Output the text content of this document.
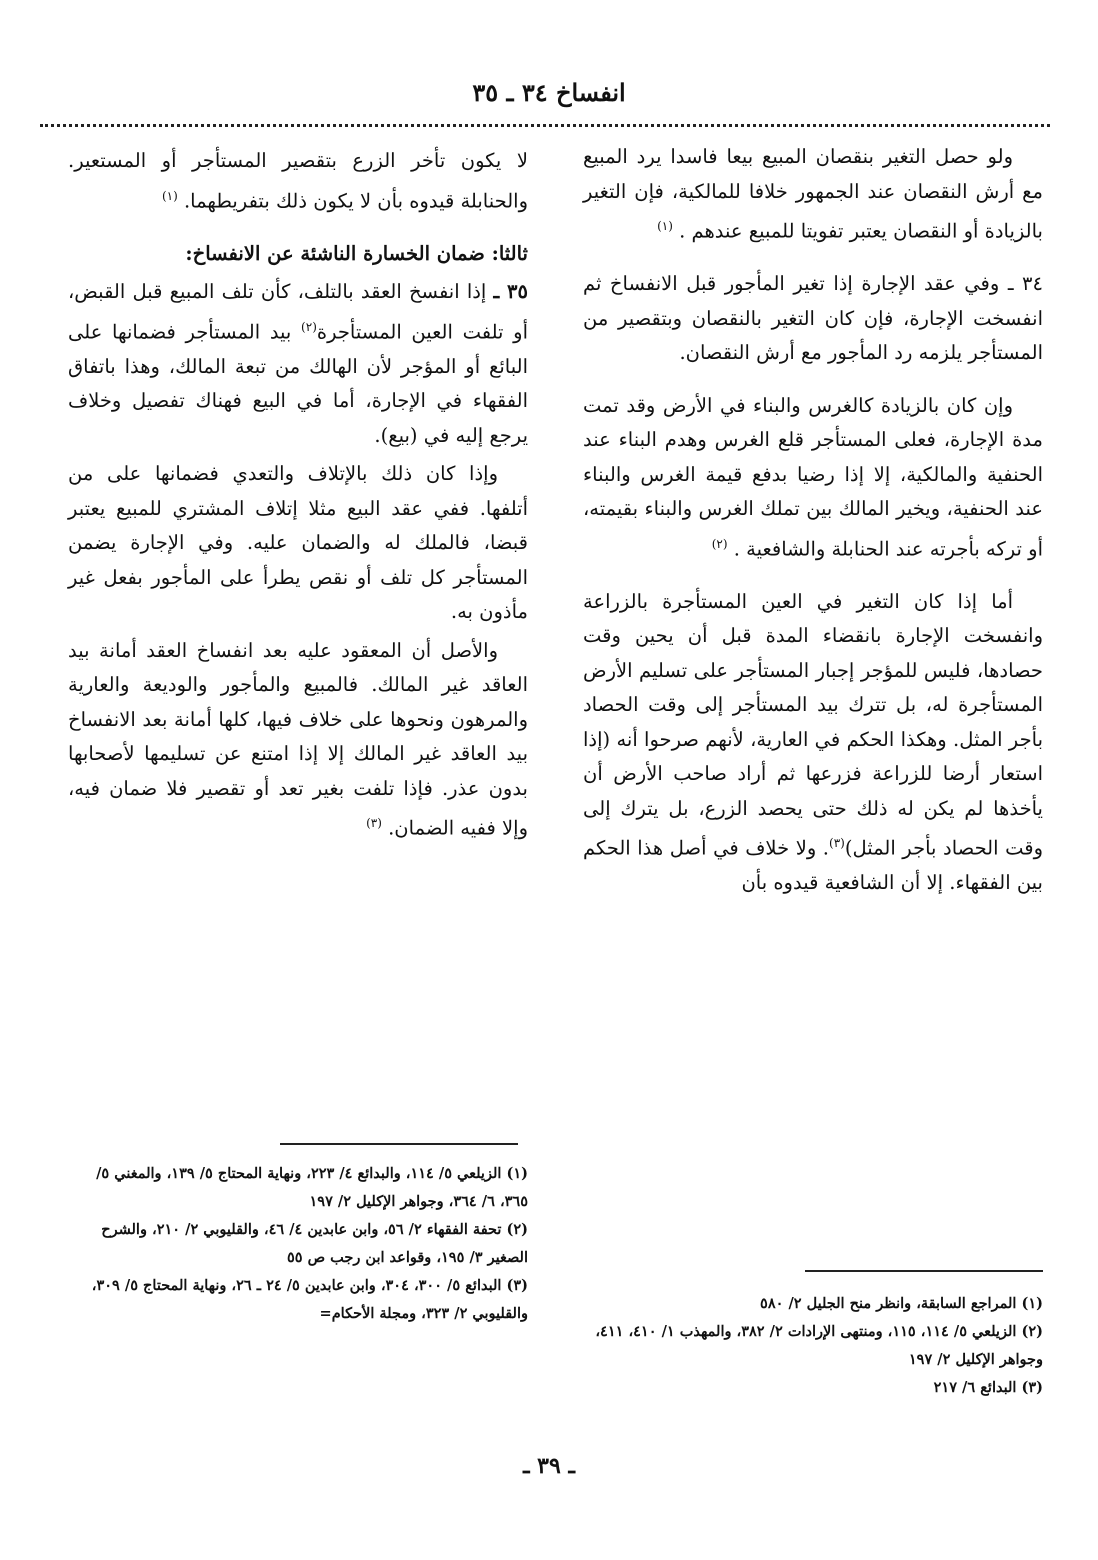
انفساخ ٣٤ ـ ٣٥

ولو حصل التغير بنقصان المبيع بيعا فاسدا يرد المبيع مع أرش النقصان عند الجمهور خلافا للمالكية، فإن التغير بالزيادة أو النقصان يعتبر تفويتا للمبيع عندهم . $^{(١)}$

٣٤ ـ وفي عقد الإجارة إذا تغير المأجور قبل الانفساخ ثم انفسخت الإجارة، فإن كان التغير بالنقصان وبتقصير من المستأجر يلزمه رد المأجور مع أرش النقصان.

وإن كان بالزيادة كالغرس والبناء في الأرض وقد تمت مدة الإجارة، فعلى المستأجر قلع الغرس وهدم البناء عند الحنفية والمالكية، إلا إذا رضيا بدفع قيمة الغرس والبناء عند الحنفية، ويخير المالك بين تملك الغرس والبناء بقيمته، أو تركه بأجرته عند الحنابلة والشافعية . $^{(٢)}$

أما إذا كان التغير في العين المستأجرة بالزراعة وانفسخت الإجارة بانقضاء المدة قبل أن يحين وقت حصادها، فليس للمؤجر إجبار المستأجر على تسليم الأرض المستأجرة له، بل تترك بيد المستأجر إلى وقت الحصاد بأجر المثل. وهكذا الحكم في العارية، لأنهم صرحوا أنه (إذا استعار أرضا للزراعة فزرعها ثم أراد صاحب الأرض أن يأخذها لم يكن له ذلك حتى يحصد الزرع، بل يترك إلى وقت الحصاد بأجر المثل)$^{(٣)}$. ولا خلاف في أصل هذا الحكم بين الفقهاء. إلا أن الشافعية قيدوه بأن

لا يكون تأخر الزرع بتقصير المستأجر أو المستعير. والحنابلة قيدوه بأن لا يكون ذلك بتفريطهما. $^{(١)}$

ثالثا: ضمان الخسارة الناشئة عن الانفساخ:

٣٥ ـ إذا انفسخ العقد بالتلف، كأن تلف المبيع قبل القبض، أو تلفت العين المستأجرة$^{(٢)}$ بيد المستأجر فضمانها على البائع أو المؤجر لأن الهالك من تبعة المالك، وهذا باتفاق الفقهاء في الإجارة، أما في البيع فهناك تفصيل وخلاف يرجع إليه في (بيع).

وإذا كان ذلك بالإتلاف والتعدي فضمانها على من أتلفها. ففي عقد البيع مثلا إتلاف المشتري للمبيع يعتبر قبضا، فالملك له والضمان عليه. وفي الإجارة يضمن المستأجر كل تلف أو نقص يطرأ على المأجور بفعل غير مأذون به.

والأصل أن المعقود عليه بعد انفساخ العقد أمانة بيد العاقد غير المالك. فالمبيع والمأجور والوديعة والعارية والمرهون ونحوها على خلاف فيها، كلها أمانة بعد الانفساخ بيد العاقد غير المالك إلا إذا امتنع عن تسليمها لأصحابها بدون عذر. فإذا تلفت بغير تعد أو تقصير فلا ضمان فيه، وإلا ففيه الضمان. $^{(٣)}$

(١) الزيلعي ٥/ ١١٤، والبدائع ٤/ ٢٢٣، ونهاية المحتاج ٥/ ١٣٩، والمغني ٥/ ٣٦٥، ٦/ ٣٦٤، وجواهر الإكليل ٢/ ١٩٧
(٢) تحفة الفقهاء ٢/ ٥٦، وابن عابدين ٤/ ٤٦، والقليوبي ٢/ ٢١٠، والشرح الصغير ٣/ ١٩٥، وقواعد ابن رجب ص ٥٥
(٣) البدائع ٥/ ٣٠٠، ٣٠٤، وابن عابدين ٥/ ٢٤ ـ ٢٦، ونهاية المحتاج ٥/ ٣٠٩، والقليوبي ٢/ ٣٢٣، ومجلة الأحكام=
(١) المراجع السابقة، وانظر منح الجليل ٢/ ٥٨٠
(٢) الزيلعي ٥/ ١١٤، ١١٥، ومنتهى الإرادات ٢/ ٣٨٢، والمهذب ١/ ٤١٠، ٤١١، وجواهر الإكليل ٢/ ١٩٧
(٣) البدائع ٦/ ٢١٧
ـ ٣٩ ـ
